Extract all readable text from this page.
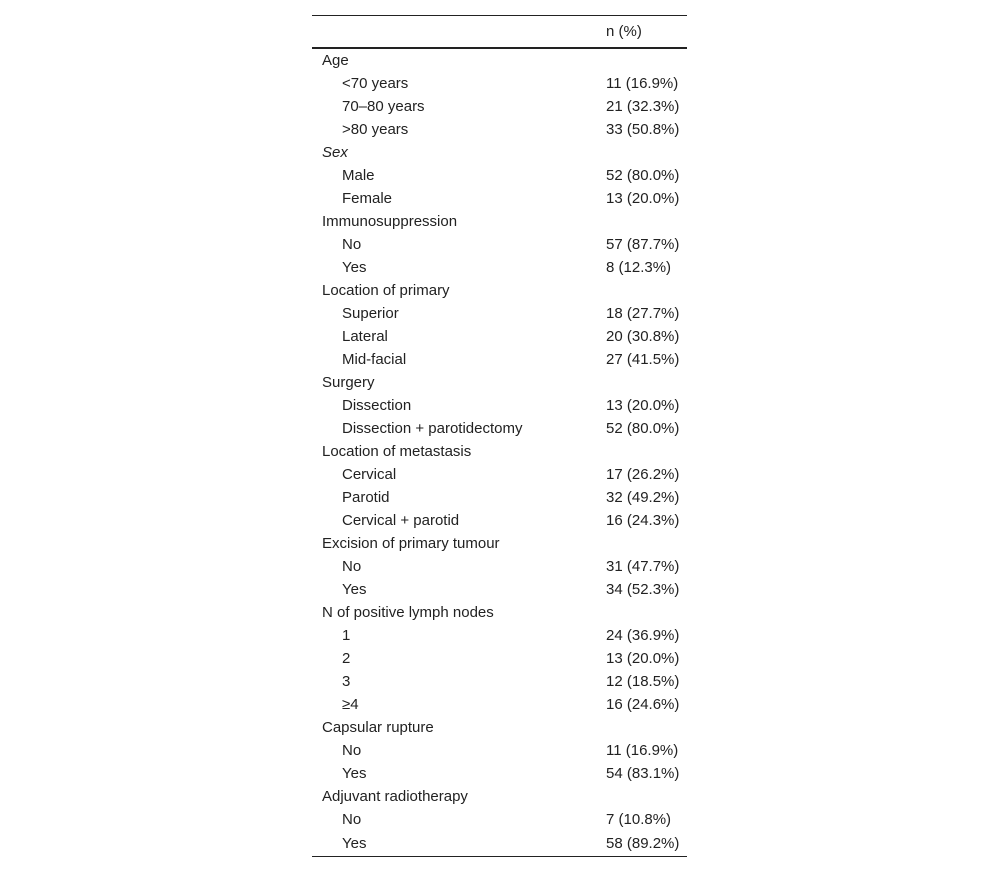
	n (%)
Age	
<70 years	11 (16.9%)
70–80 years	21 (32.3%)
>80 years	33 (50.8%)
Sex	
Male	52 (80.0%)
Female	13 (20.0%)
Immunosuppression	
No	57 (87.7%)
Yes	8 (12.3%)
Location of primary	
Superior	18 (27.7%)
Lateral	20 (30.8%)
Mid-facial	27 (41.5%)
Surgery	
Dissection	13 (20.0%)
Dissection + parotidectomy	52 (80.0%)
Location of metastasis	
Cervical	17 (26.2%)
Parotid	32 (49.2%)
Cervical + parotid	16 (24.3%)
Excision of primary tumour	
No	31 (47.7%)
Yes	34 (52.3%)
N of positive lymph nodes	
1	24 (36.9%)
2	13 (20.0%)
3	12 (18.5%)
≥4	16 (24.6%)
Capsular rupture	
No	11 (16.9%)
Yes	54 (83.1%)
Adjuvant radiotherapy	
No	7 (10.8%)
Yes	58 (89.2%)
